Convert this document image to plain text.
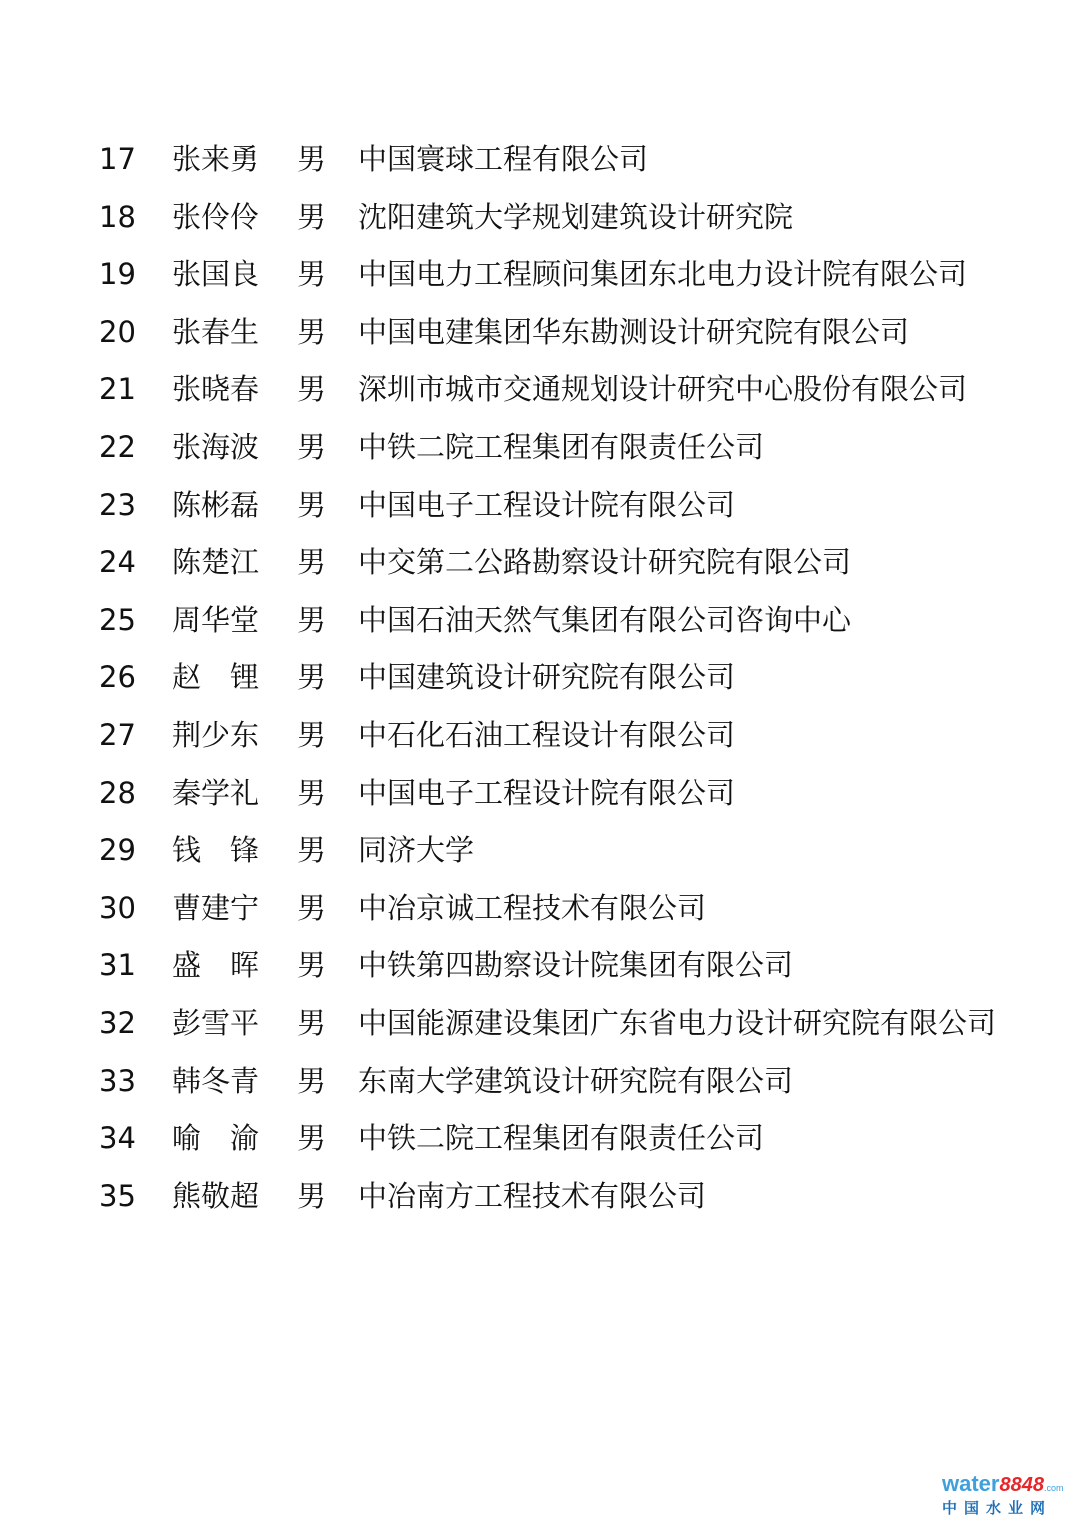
17 张来勇 男 中国寰球工程有限公司
18 张伶伶 男 沈阳建筑大学规划建筑设计研究院
19 张国良 男 中国电力工程顾问集团东北电力设计院有限公司
20 张春生 男 中国电建集团华东勘测设计研究院有限公司
21 张晓春 男 深圳市城市交通规划设计研究中心股份有限公司
22 张海波 男 中铁二院工程集团有限责任公司
23 陈彬磊 男 中国电子工程设计院有限公司
24 陈楚江 男 中交第二公路勘察设计研究院有限公司
25 周华堂 男 中国石油天然气集团有限公司咨询中心
26 赵　锂 男 中国建筑设计研究院有限公司
27 荆少东 男 中石化石油工程设计有限公司
28 秦学礼 男 中国电子工程设计院有限公司
29 钱　锋 男 同济大学
30 曹建宁 男 中冶京诚工程技术有限公司
31 盛　晖 男 中铁第四勘察设计院集团有限公司
32 彭雪平 男 中国能源建设集团广东省电力设计研究院有限公司
33 韩冬青 男 东南大学建筑设计研究院有限公司
34 喻　渝 男 中铁二院工程集团有限责任公司
35 熊敬超 男 中冶南方工程技术有限公司
water8848.com
中国水业网
